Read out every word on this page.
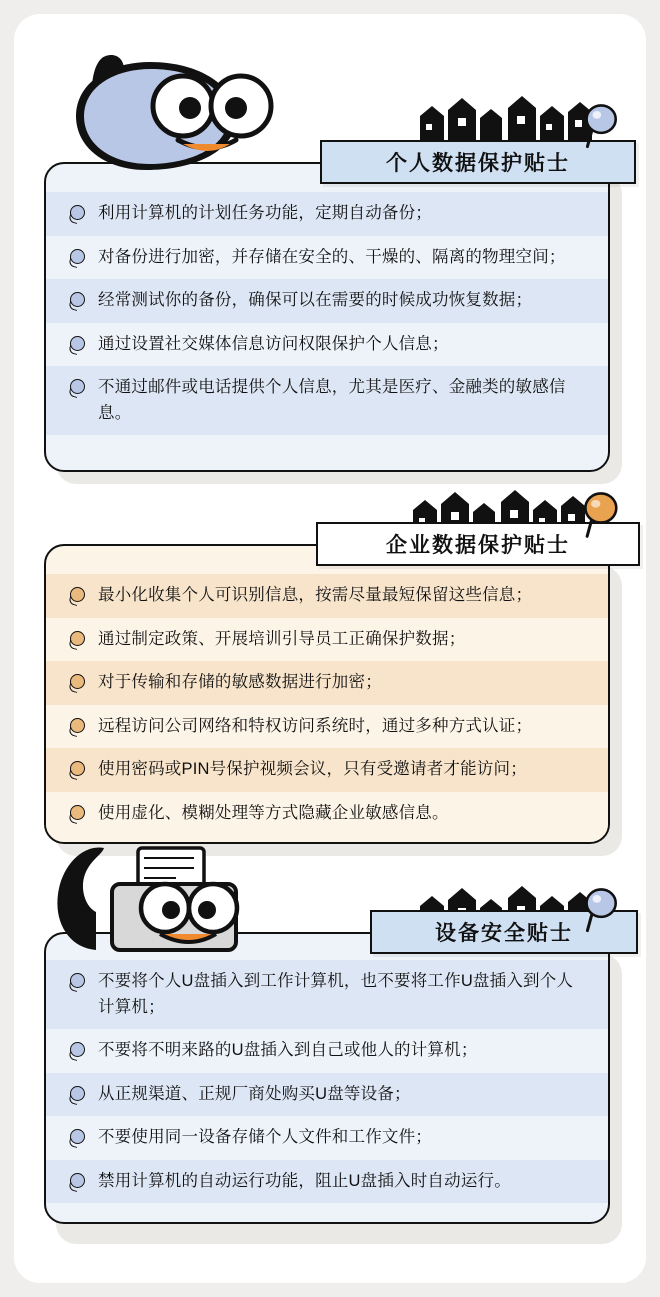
个人数据保护贴士
利用计算机的计划任务功能，定期自动备份；
对备份进行加密，并存储在安全的、干燥的、隔离的物理空间；
经常测试你的备份，确保可以在需要的时候成功恢复数据；
通过设置社交媒体信息访问权限保护个人信息；
不通过邮件或电话提供个人信息，尤其是医疗、金融类的敏感信息。
企业数据保护贴士
最小化收集个人可识别信息，按需尽量最短保留这些信息；
通过制定政策、开展培训引导员工正确保护数据；
对于传输和存储的敏感数据进行加密；
远程访问公司网络和特权访问系统时，通过多种方式认证；
使用密码或PIN号保护视频会议，只有受邀请者才能访问；
使用虚化、模糊处理等方式隐藏企业敏感信息。
设备安全贴士
不要将个人U盘插入到工作计算机，也不要将工作U盘插入到个人计算机；
不要将不明来路的U盘插入到自己或他人的计算机；
从正规渠道、正规厂商处购买U盘等设备；
不要使用同一设备存储个人文件和工作文件；
禁用计算机的自动运行功能，阻止U盘插入时自动运行。
